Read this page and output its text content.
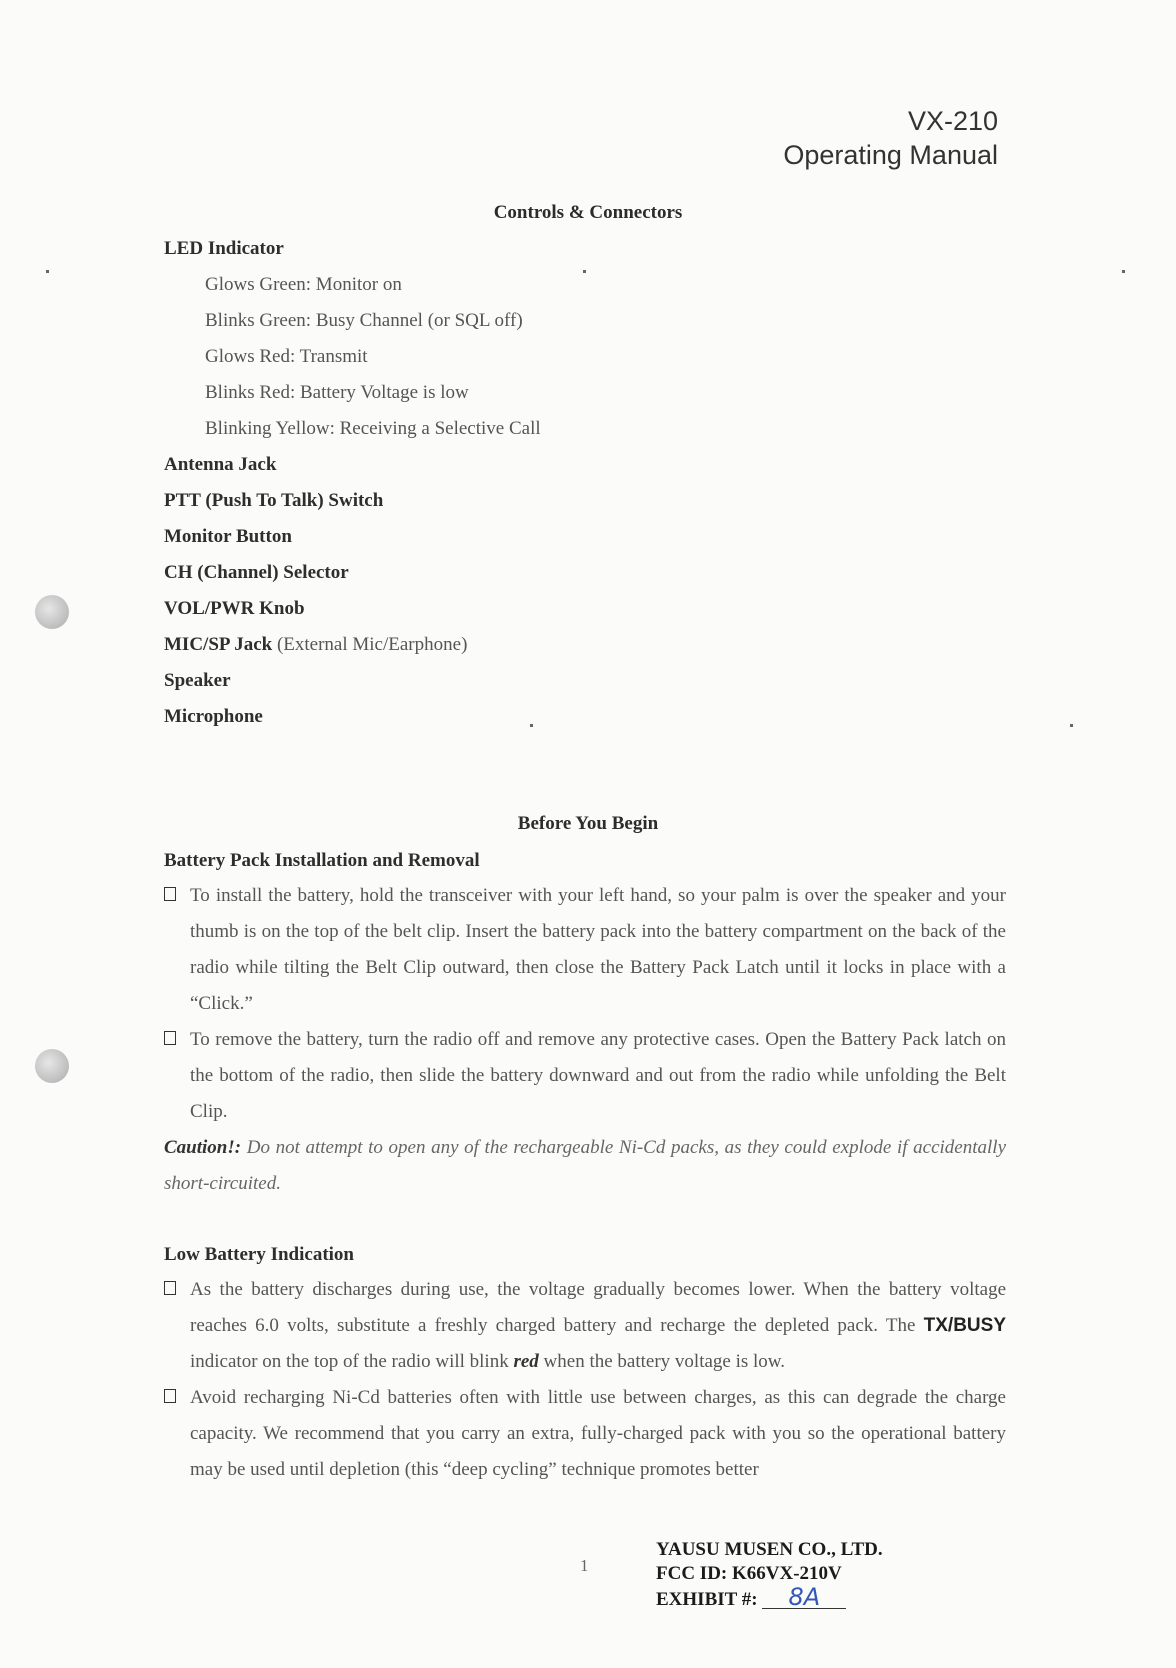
VX-210
Operating Manual
Controls & Connectors
LED Indicator
Glows Green: Monitor on
Blinks Green: Busy Channel (or SQL off)
Glows Red: Transmit
Blinks Red: Battery Voltage is low
Blinking Yellow: Receiving a Selective Call
Antenna Jack
PTT (Push To Talk) Switch
Monitor Button
CH (Channel) Selector
VOL/PWR Knob
MIC/SP Jack (External Mic/Earphone)
Speaker
Microphone
Before You Begin
Battery Pack Installation and Removal
To install the battery, hold the transceiver with your left hand, so your palm is over the speaker and your thumb is on the top of the belt clip. Insert the battery pack into the battery compartment on the back of the radio while tilting the Belt Clip outward, then close the Battery Pack Latch until it locks in place with a “Click.”
To remove the battery, turn the radio off and remove any protective cases. Open the Battery Pack latch on the bottom of the radio, then slide the battery downward and out from the radio while unfolding the Belt Clip.
Caution!: Do not attempt to open any of the rechargeable Ni-Cd packs, as they could explode if accidentally short-circuited.
Low Battery Indication
As the battery discharges during use, the voltage gradually becomes lower. When the battery voltage reaches 6.0 volts, substitute a freshly charged battery and recharge the depleted pack. The TX/BUSY indicator on the top of the radio will blink red when the battery voltage is low.
Avoid recharging Ni-Cd batteries often with little use between charges, as this can degrade the charge capacity. We recommend that you carry an extra, fully-charged pack with you so the operational battery may be used until depletion (this “deep cycling” technique promotes better
1
YAUSU MUSEN CO., LTD.
FCC ID: K66VX-210V
EXHIBIT #: 8A
